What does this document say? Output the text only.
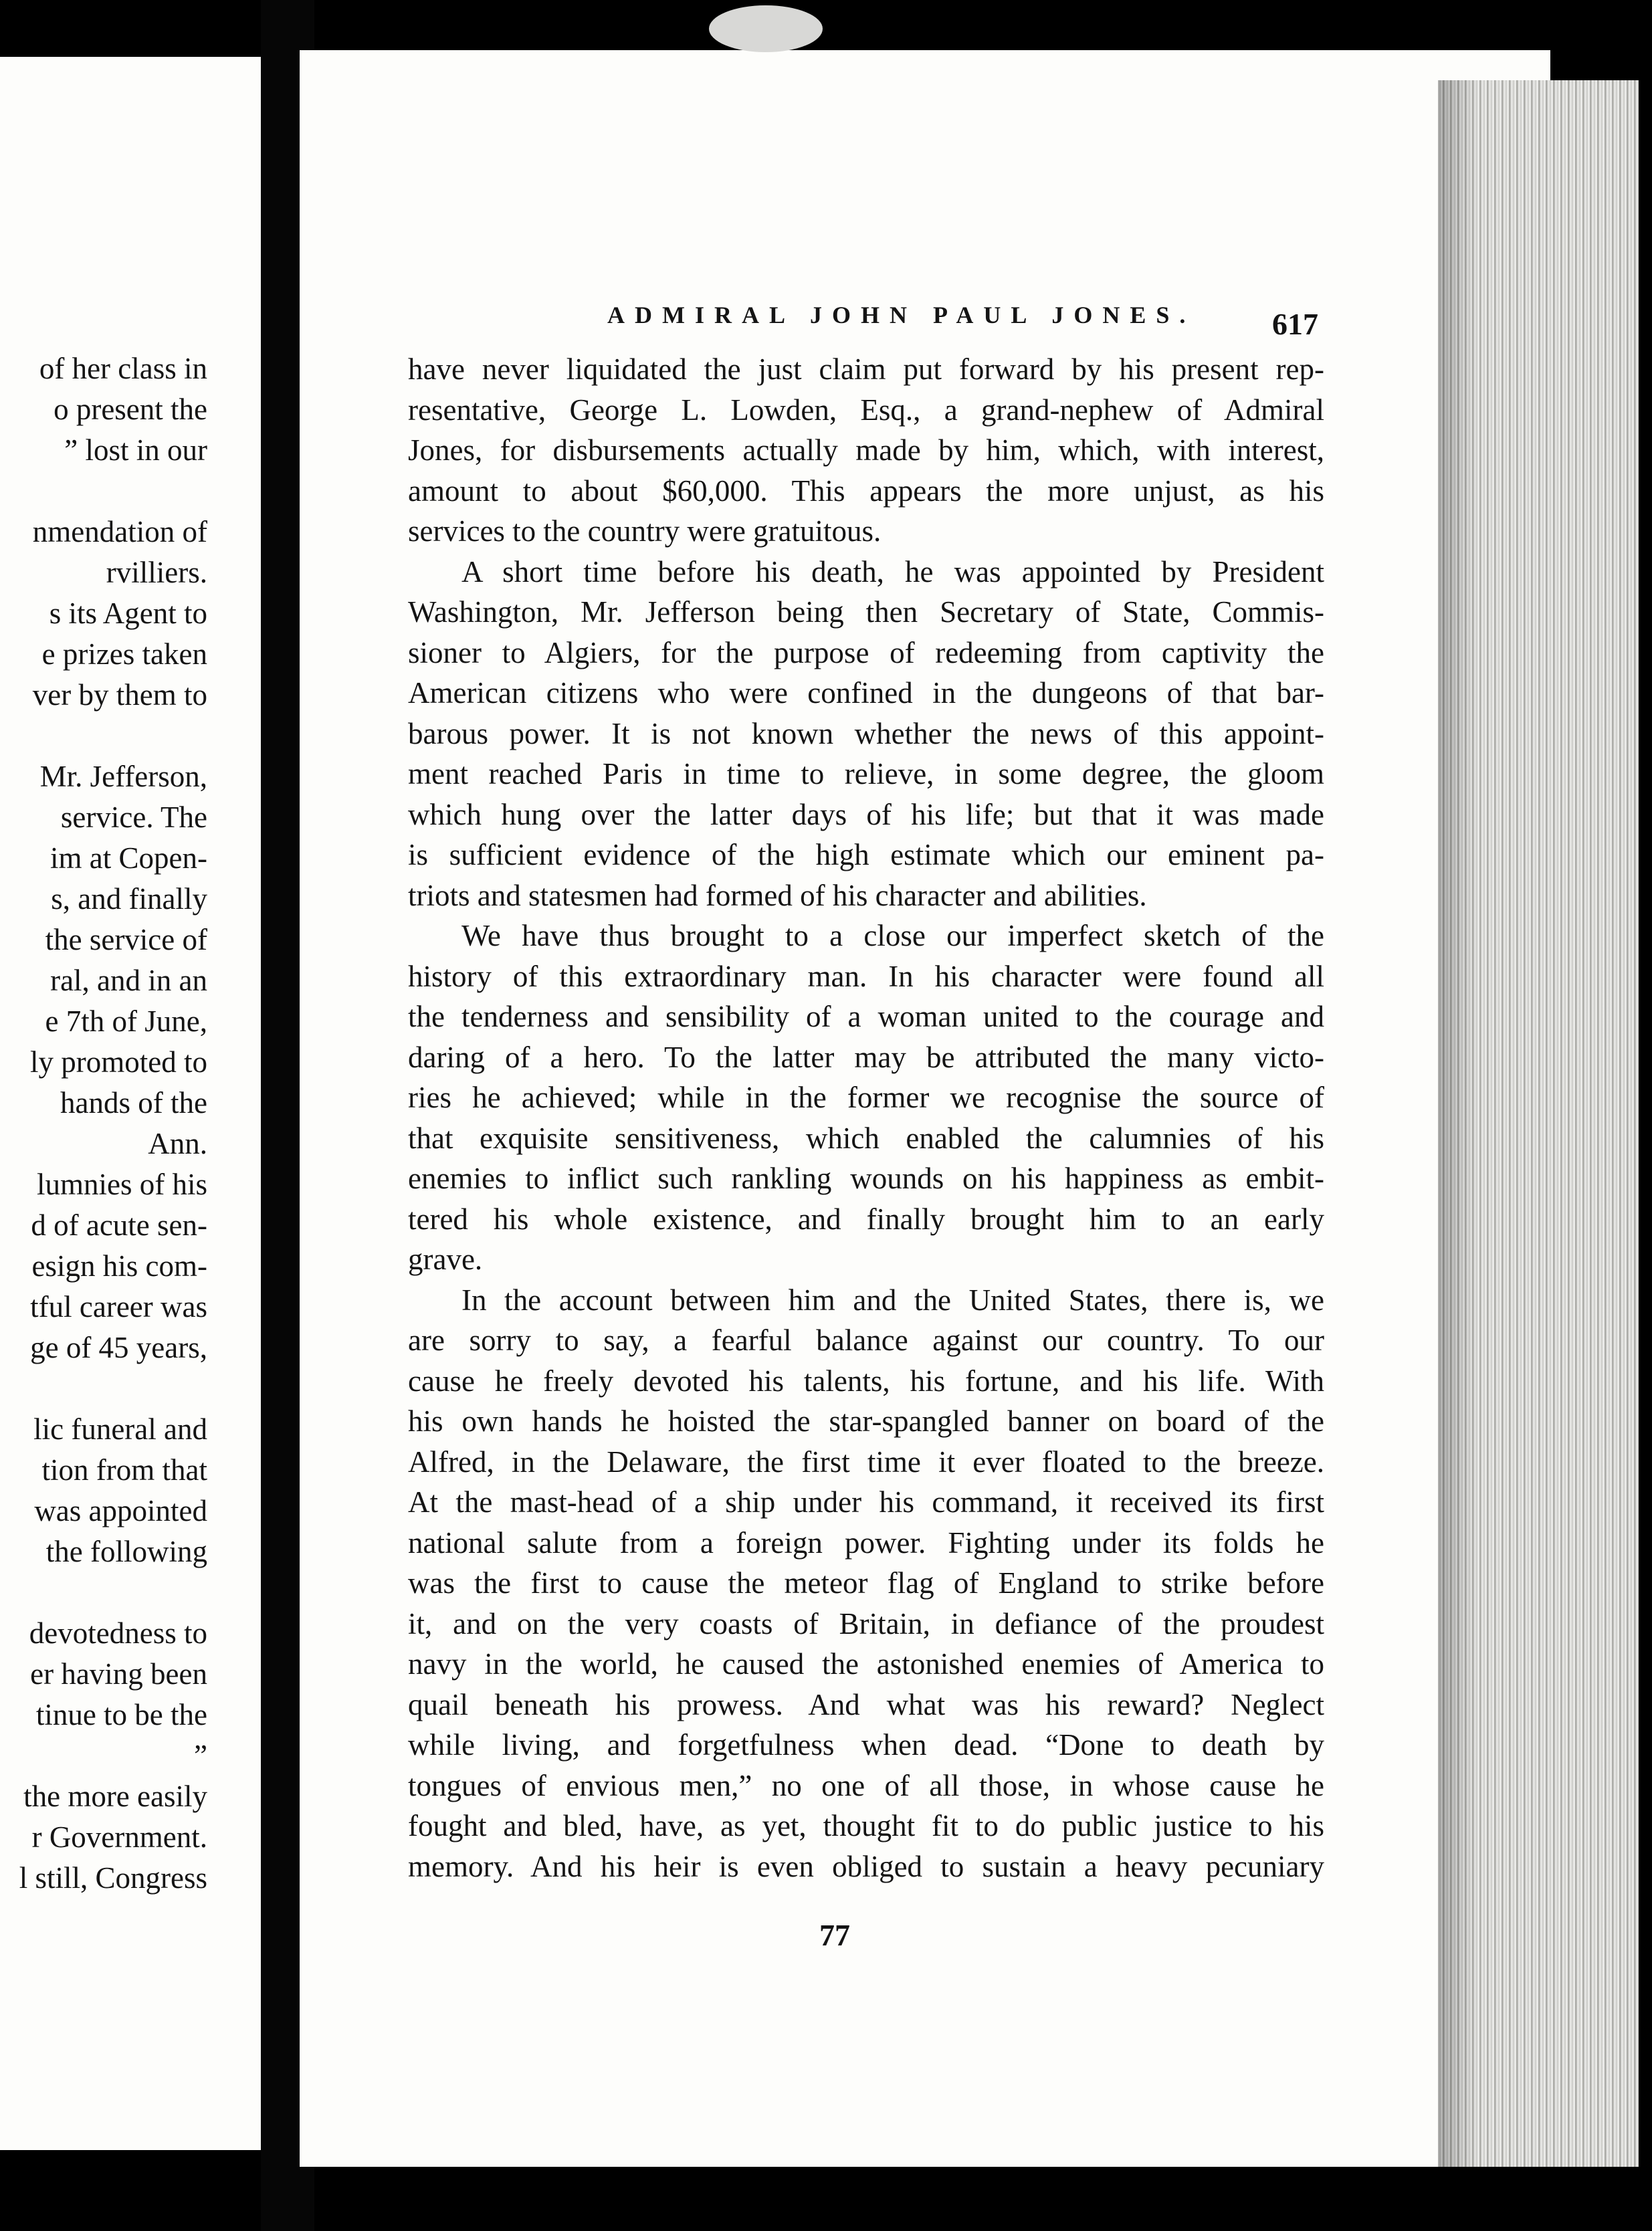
of her class in
o present the
” lost in our
nmendation of
rvilliers.
s its Agent to
e prizes taken
ver by them to
Mr. Jefferson,
service. The
im at Copen-
s, and finally
the service of
ral, and in an
e 7th of June,
ly promoted to
hands of the
Ann.
lumnies of his
d of acute sen-
esign his com-
tful career was
ge of 45 years,
lic funeral and
tion from that
was appointed
the following
devotedness to
er having been
tinue to be the
”
the more easily
r Government.
l still, Congress
ADMIRAL JOHN PAUL JONES. 617
have never liquidated the just claim put forward by his present rep-
resentative, George L. Lowden, Esq., a grand-nephew of Admiral
Jones, for disbursements actually made by him, which, with interest,
amount to about $60,000. This appears the more unjust, as his
services to the country were gratuitous.
A short time before his death, he was appointed by President
Washington, Mr. Jefferson being then Secretary of State, Commis-
sioner to Algiers, for the purpose of redeeming from captivity the
American citizens who were confined in the dungeons of that bar-
barous power. It is not known whether the news of this appoint-
ment reached Paris in time to relieve, in some degree, the gloom
which hung over the latter days of his life; but that it was made
is sufficient evidence of the high estimate which our eminent pa-
triots and statesmen had formed of his character and abilities.
We have thus brought to a close our imperfect sketch of the
history of this extraordinary man. In his character were found all
the tenderness and sensibility of a woman united to the courage and
daring of a hero. To the latter may be attributed the many victo-
ries he achieved; while in the former we recognise the source of
that exquisite sensitiveness, which enabled the calumnies of his
enemies to inflict such rankling wounds on his happiness as embit-
tered his whole existence, and finally brought him to an early
grave.
In the account between him and the United States, there is, we
are sorry to say, a fearful balance against our country. To our
cause he freely devoted his talents, his fortune, and his life. With
his own hands he hoisted the star-spangled banner on board of the
Alfred, in the Delaware, the first time it ever floated to the breeze.
At the mast-head of a ship under his command, it received its first
national salute from a foreign power. Fighting under its folds he
was the first to cause the meteor flag of England to strike before
it, and on the very coasts of Britain, in defiance of the proudest
navy in the world, he caused the astonished enemies of America to
quail beneath his prowess. And what was his reward? Neglect
while living, and forgetfulness when dead. “Done to death by
tongues of envious men,” no one of all those, in whose cause he
fought and bled, have, as yet, thought fit to do public justice to his
memory. And his heir is even obliged to sustain a heavy pecuniary
77
